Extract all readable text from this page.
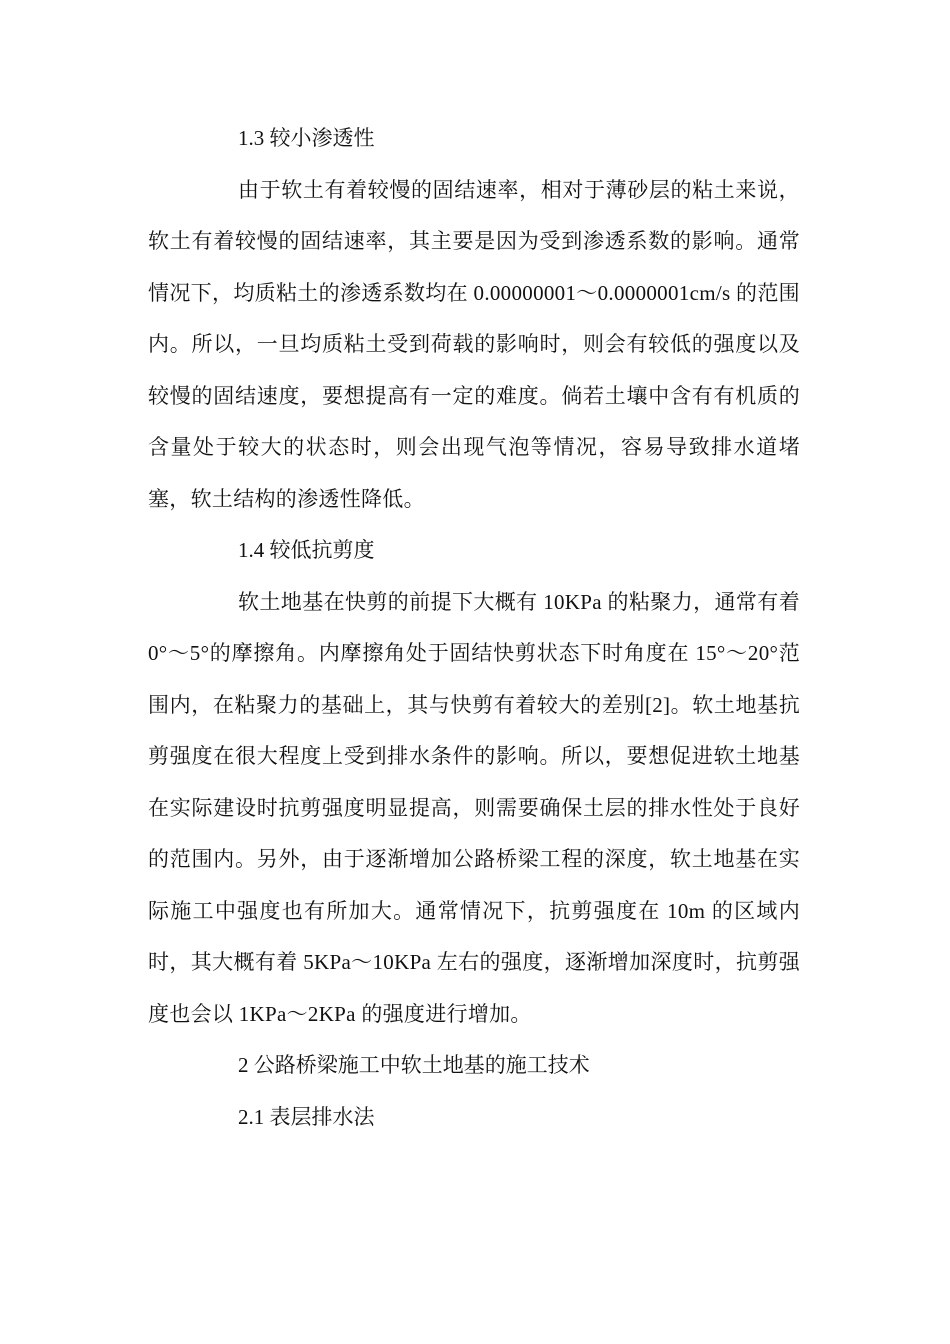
1.3 较小渗透性

由于软土有着较慢的固结速率，相对于薄砂层的粘土来说，软土有着较慢的固结速率，其主要是因为受到渗透系数的影响。通常情况下，均质粘土的渗透系数均在 0.00000001～0.0000001cm/s 的范围内。所以，一旦均质粘土受到荷载的影响时，则会有较低的强度以及较慢的固结速度，要想提高有一定的难度。倘若土壤中含有有机质的含量处于较大的状态时，则会出现气泡等情况，容易导致排水道堵塞，软土结构的渗透性降低。

1.4 较低抗剪度

软土地基在快剪的前提下大概有 10KPa 的粘聚力，通常有着 0°～5°的摩擦角。内摩擦角处于固结快剪状态下时角度在 15°～20°范围内，在粘聚力的基础上，其与快剪有着较大的差别[2]。软土地基抗剪强度在很大程度上受到排水条件的影响。所以，要想促进软土地基在实际建设时抗剪强度明显提高，则需要确保土层的排水性处于良好的范围内。另外，由于逐渐增加公路桥梁工程的深度，软土地基在实际施工中强度也有所加大。通常情况下，抗剪强度在 10m 的区域内时，其大概有着 5KPa～10KPa 左右的强度，逐渐增加深度时，抗剪强度也会以 1KPa～2KPa 的强度进行增加。

2 公路桥梁施工中软土地基的施工技术
2.1 表层排水法
